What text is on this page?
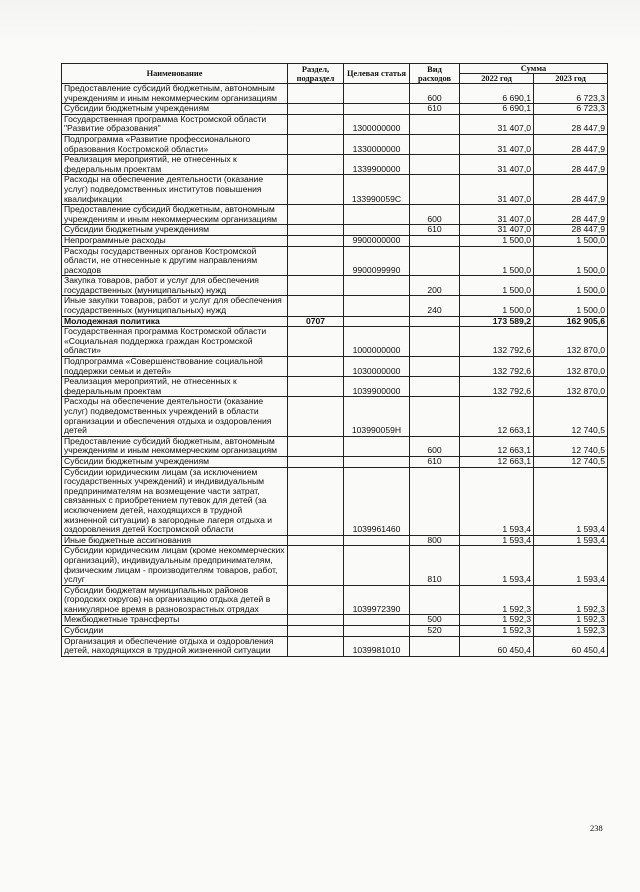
Наименование	Раздел, подраздел	Целевая статья	Вид расходов	Сумма	
				2022 год	2023 год
Предоставление субсидий бюджетным, автономным учреждениям и иным некоммерческим организациям			600	6 690,1	6 723,3
Субсидии бюджетным учреждениям			610	6 690,1	6 723,3
Государственная программа Костромской области "Развитие образования"		1300000000		31 407,0	28 447,9
Подпрограмма «Развитие профессионального образования Костромской области»		1330000000		31 407,0	28 447,9
Реализация мероприятий, не отнесенных к федеральным проектам		1339900000		31 407,0	28 447,9
Расходы на обеспечение деятельности (оказание услуг) подведомственных институтов повышения квалификации		133990059С		31 407,0	28 447,9
Предоставление субсидий бюджетным, автономным учреждениям и иным некоммерческим организациям			600	31 407,0	28 447,9
Субсидии бюджетным учреждениям			610	31 407,0	28 447,9
Непрограммные расходы		9900000000		1 500,0	1 500,0
Расходы государственных органов Костромской области, не отнесенные к другим направлениям расходов		9900099990		1 500,0	1 500,0
Закупка товаров, работ и услуг для обеспечения государственных (муниципальных) нужд			200	1 500,0	1 500,0
Иные закупки товаров, работ и услуг для обеспечения государственных (муниципальных) нужд			240	1 500,0	1 500,0
Молодежная политика	0707			173 589,2	162 905,6
Государственная программа Костромской области «Социальная поддержка граждан Костромской области»		1000000000		132 792,6	132 870,0
Подпрограмма «Совершенствование социальной поддержки семьи и детей»		1030000000		132 792,6	132 870,0
Реализация мероприятий, не отнесенных к федеральным проектам		1039900000		132 792,6	132 870,0
Расходы на обеспечение деятельности (оказание услуг) подведомственных учреждений в области организации и обеспечения отдыха и оздоровления детей		103990059Н		12 663,1	12 740,5
Предоставление субсидий бюджетным, автономным учреждениям и иным некоммерческим организациям			600	12 663,1	12 740,5
Субсидии бюджетным учреждениям			610	12 663,1	12 740,5
Субсидии юридическим лицам (за исключением государственных учреждений) и индивидуальным предпринимателям на возмещение части затрат, связанных с приобретением путевок для детей (за исключением детей, находящихся в трудной жизненной ситуации) в загородные лагеря отдыха и оздоровления детей Костромской области		1039961460		1 593,4	1 593,4
Иные бюджетные ассигнования			800	1 593,4	1 593,4
Субсидии юридическим лицам (кроме некоммерческих организаций), индивидуальным предпринимателям, физическим лицам - производителям товаров, работ, услуг			810	1 593,4	1 593,4
Субсидии бюджетам муниципальных районов (городских округов) на организацию отдыха детей в каникулярное время в разновозрастных отрядах		1039972390		1 592,3	1 592,3
Межбюджетные трансферты			500	1 592,3	1 592,3
Субсидии			520	1 592,3	1 592,3
Организация и обеспечение отдыха и оздоровления детей, находящихся в трудной жизненной ситуации		1039981010		60 450,4	60 450,4
238
